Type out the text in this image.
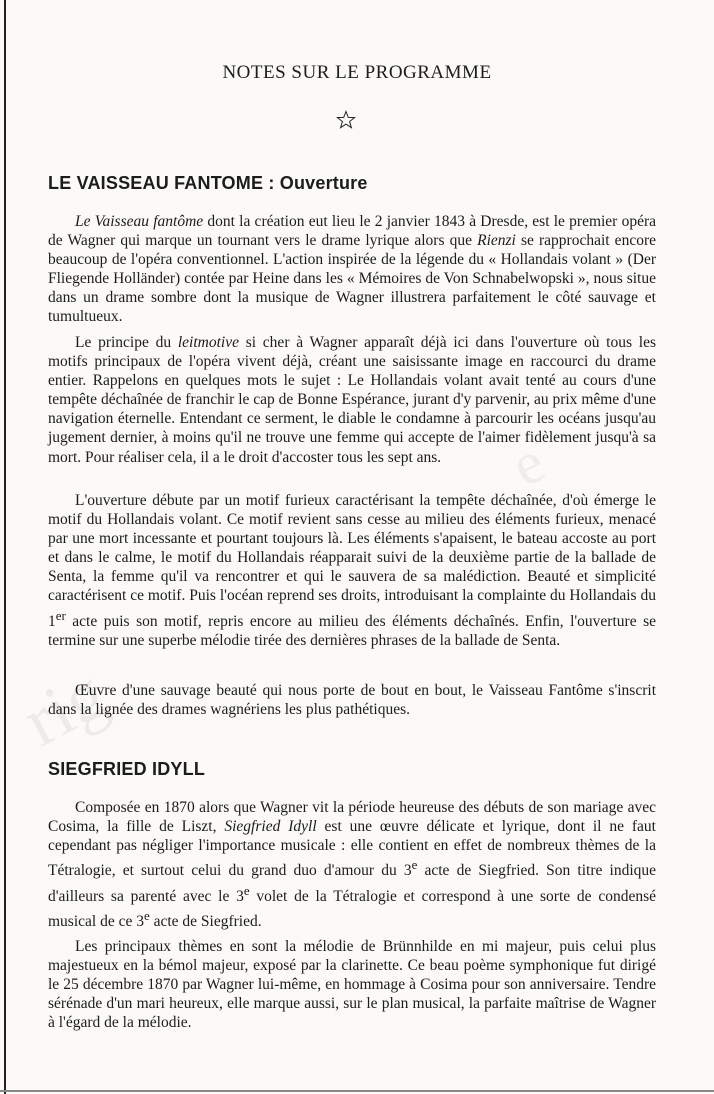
rig
e
NOTES SUR LE PROGRAMME
LE VAISSEAU FANTOME : Ouverture

Le Vaisseau fantôme dont la création eut lieu le 2 janvier 1843 à Dresde, est le premier opéra de Wagner qui marque un tournant vers le drame lyrique alors que Rienzi se rapprochait encore beaucoup de l'opéra conventionnel. L'action inspirée de la légende du « Hollandais volant » (Der Fliegende Holländer) contée par Heine dans les « Mémoires de Von Schnabelwopski », nous situe dans un drame sombre dont la musique de Wagner illustrera parfaitement le côté sauvage et tumultueux.

Le principe du leitmotive si cher à Wagner apparaît déjà ici dans l'ouverture où tous les motifs principaux de l'opéra vivent déjà, créant une saisissante image en raccourci du drame entier. Rappelons en quelques mots le sujet : Le Hollandais volant avait tenté au cours d'une tempête déchaînée de franchir le cap de Bonne Espérance, jurant d'y parvenir, au prix même d'une navigation éternelle. Entendant ce serment, le diable le condamne à parcourir les océans jusqu'au jugement dernier, à moins qu'il ne trouve une femme qui accepte de l'aimer fidèlement jusqu'à sa mort. Pour réaliser cela, il a le droit d'accoster tous les sept ans.

L'ouverture débute par un motif furieux caractérisant la tempête déchaînée, d'où émerge le motif du Hollandais volant. Ce motif revient sans cesse au milieu des éléments furieux, menacé par une mort incessante et pourtant toujours là. Les éléments s'apaisent, le bateau accoste au port et dans le calme, le motif du Hollandais réapparait suivi de la deuxième partie de la ballade de Senta, la femme qu'il va rencontrer et qui le sauvera de sa malédiction. Beauté et simplicité caractérisent ce motif. Puis l'océan reprend ses droits, introduisant la complainte du Hollandais du 1er acte puis son motif, repris encore au milieu des éléments déchaînés. Enfin, l'ouverture se termine sur une superbe mélodie tirée des dernières phrases de la ballade de Senta.

Œuvre d'une sauvage beauté qui nous porte de bout en bout, le Vaisseau Fantôme s'inscrit dans la lignée des drames wagnériens les plus pathétiques.

SIEGFRIED IDYLL

Composée en 1870 alors que Wagner vit la période heureuse des débuts de son mariage avec Cosima, la fille de Liszt, Siegfried Idyll est une œuvre délicate et lyrique, dont il ne faut cependant pas négliger l'importance musicale : elle contient en effet de nombreux thèmes de la Tétralogie, et surtout celui du grand duo d'amour du 3e acte de Siegfried. Son titre indique d'ailleurs sa parenté avec le 3e volet de la Tétralogie et correspond à une sorte de condensé musical de ce 3e acte de Siegfried.

Les principaux thèmes en sont la mélodie de Brünnhilde en mi majeur, puis celui plus majestueux en la bémol majeur, exposé par la clarinette. Ce beau poème symphonique fut dirigé le 25 décembre 1870 par Wagner lui-même, en hommage à Cosima pour son anniversaire. Tendre sérénade d'un mari heureux, elle marque aussi, sur le plan musical, la parfaite maîtrise de Wagner à l'égard de la mélodie.
